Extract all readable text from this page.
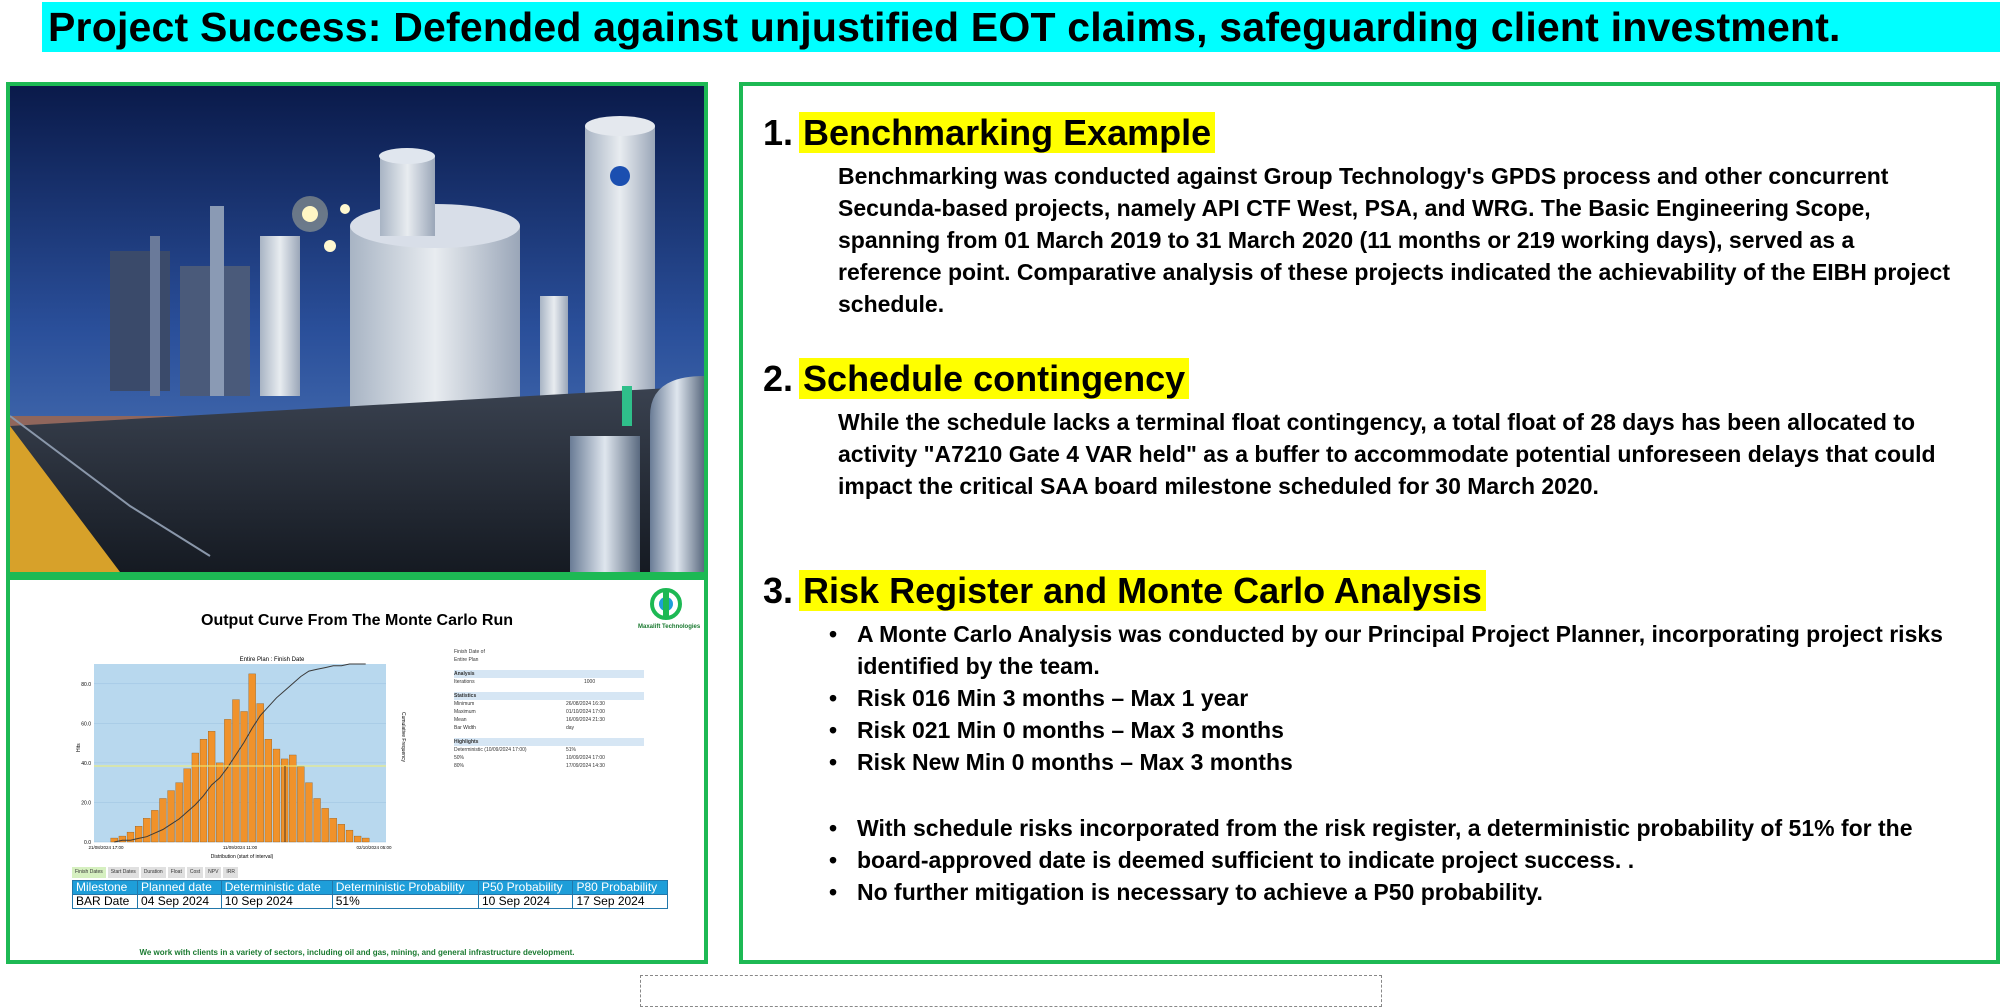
Project Success: Defended against unjustified EOT claims, safeguarding client investment.
Output Curve From The Monte Carlo Run	Maxalift Technologies
Entire Plan : Finish Date
80.0
60.0
40.0
20.0
0.0
21/08/2024 17:00	11/09/2024 11:00	02/10/2024 05:00
Hits
Distribution (start of interval)
Cumulative Frequency
Finish Date of
Entire Plan
Analysis
Iterations	1000
Statistics
Minimum	26/08/2024 16:30
Maximum	01/10/2024 17:00
Mean	16/09/2024 21:30
Bar Width	day
Highlights
Deterministic (10/09/2024 17:00)	51%
50%	10/09/2024 17:00
80%	17/09/2024 14:30
Finish Dates	Start Dates	Duration	Float	Cost	NPV	IRR
Milestone	Planned date	Deterministic date	Deterministic Probability	P50 Probability	P80 Probability
BAR Date	04 Sep 2024	10 Sep 2024	51%	10 Sep 2024	17 Sep 2024
We work with clients in a variety of sectors, including oil and gas, mining, and general infrastructure development.
Seamless Execution of Projects (Air-Water-Sound-Energy)	Eaton Rd, Reyno Ridge, Witbank, South Africa 1035	https://maxalifttechnologies.com/
1. Benchmarking Example
Benchmarking was conducted against Group Technology's GPDS process and other concurrent Secunda-based projects, namely API CTF West, PSA, and WRG. The Basic Engineering Scope, spanning from 01 March 2019 to 31 March 2020 (11 months or 219 working days), served as a reference point. Comparative analysis of these projects indicated the achievability of the EIBH project schedule.
2. Schedule contingency
While the schedule lacks a terminal float contingency, a total float of 28 days has been allocated to activity "A7210 Gate 4 VAR held" as a buffer to accommodate potential unforeseen delays that could impact the critical SAA board milestone scheduled for 30 March 2020.
3. Risk Register and Monte Carlo Analysis
• A Monte Carlo Analysis was conducted by our Principal Project Planner, incorporating project risks identified by the team.
• Risk 016 Min 3 months – Max 1 year
• Risk 021 Min 0 months – Max 3 months
• Risk New Min 0 months – Max 3 months
• With schedule risks incorporated from the risk register, a deterministic probability of 51% for the
• board-approved date is deemed sufficient to indicate project success. .
• No further mitigation is necessary to achieve a P50 probability.
